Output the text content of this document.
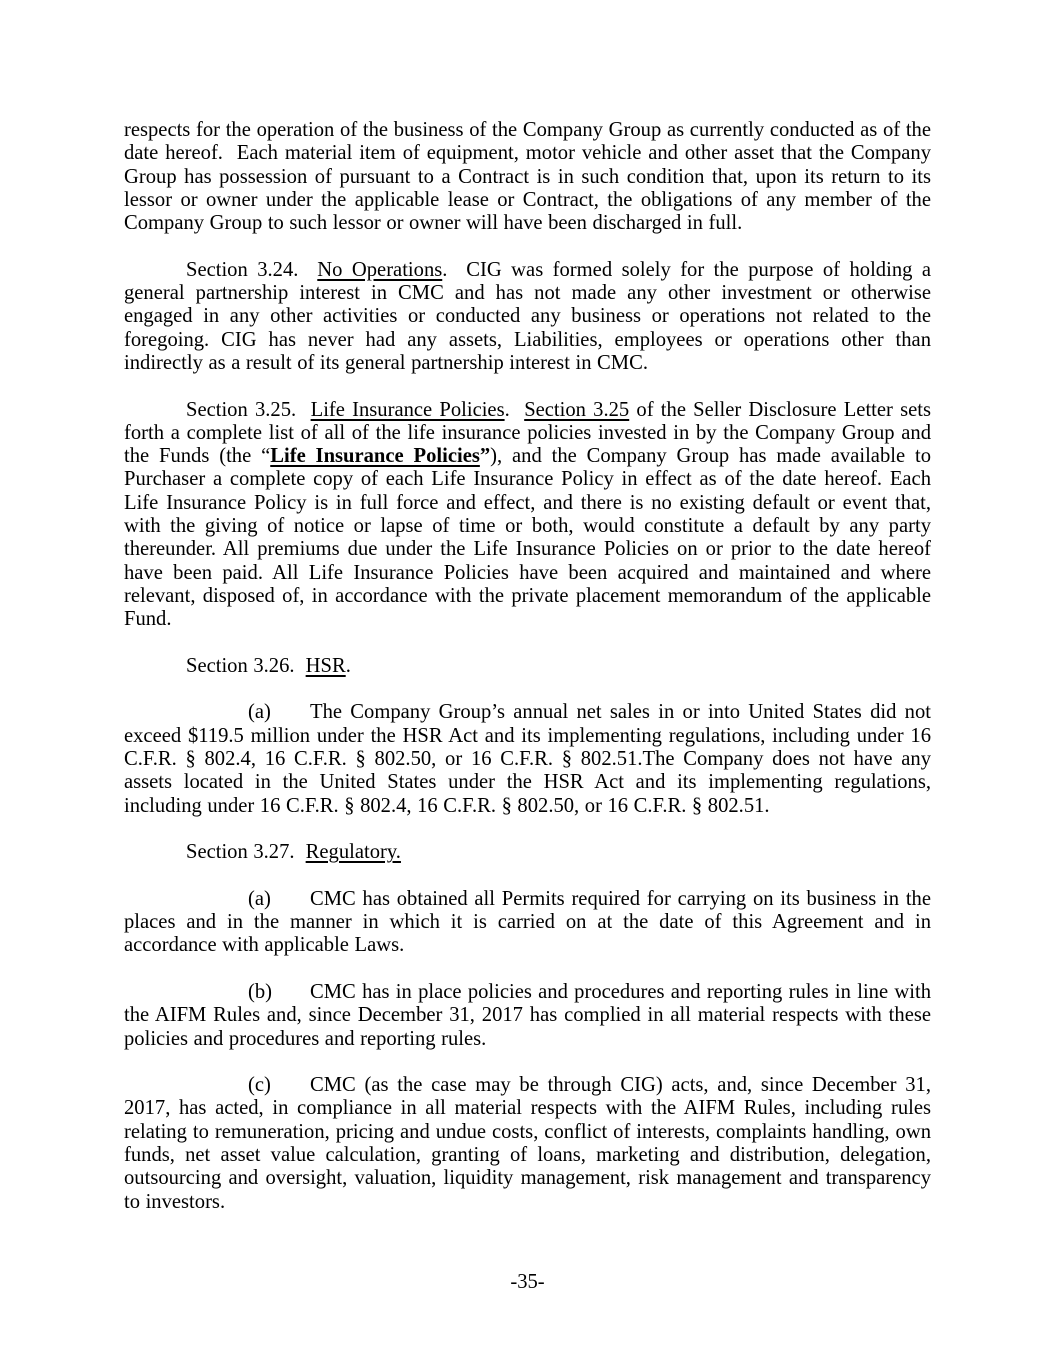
respects for the operation of the business of the Company Group as currently conducted as of the date hereof.  Each material item of equipment, motor vehicle and other asset that the Company Group has possession of pursuant to a Contract is in such condition that, upon its return to its lessor or owner under the applicable lease or Contract, the obligations of any member of the Company Group to such lessor or owner will have been discharged in full.

Section 3.24.  No Operations.  CIG was formed solely for the purpose of holding a general partnership interest in CMC and has not made any other investment or otherwise engaged in any other activities or conducted any business or operations not related to the foregoing. CIG has never had any assets, Liabilities, employees or operations other than indirectly as a result of its general partnership interest in CMC.

Section 3.25.  Life Insurance Policies.  Section 3.25 of the Seller Disclosure Letter sets forth a complete list of all of the life insurance policies invested in by the Company Group and the Funds (the “Life Insurance Policies”), and the Company Group has made available to Purchaser a complete copy of each Life Insurance Policy in effect as of the date hereof. Each Life Insurance Policy is in full force and effect, and there is no existing default or event that, with the giving of notice or lapse of time or both, would constitute a default by any party thereunder. All premiums due under the Life Insurance Policies on or prior to the date hereof have been paid. All Life Insurance Policies have been acquired and maintained and where relevant, disposed of, in accordance with the private placement memorandum of the applicable Fund.

Section 3.26.  HSR.

(a) The Company Group’s annual net sales in or into United States did not exceed $119.5 million under the HSR Act and its implementing regulations, including under 16 C.F.R. § 802.4, 16 C.F.R. § 802.50, or 16 C.F.R. § 802.51.The Company does not have any assets located in the United States under the HSR Act and its implementing regulations, including under 16 C.F.R. § 802.4, 16 C.F.R. § 802.50, or 16 C.F.R. § 802.51.

Section 3.27.  Regulatory.

(a) CMC has obtained all Permits required for carrying on its business in the places and in the manner in which it is carried on at the date of this Agreement and in accordance with applicable Laws.

(b) CMC has in place policies and procedures and reporting rules in line with the AIFM Rules and, since December 31, 2017 has complied in all material respects with these policies and procedures and reporting rules.

(c) CMC (as the case may be through CIG) acts, and, since December 31, 2017, has acted, in compliance in all material respects with the AIFM Rules, including rules relating to remuneration, pricing and undue costs, conflict of interests, complaints handling, own funds, net asset value calculation, granting of loans, marketing and distribution, delegation, outsourcing and oversight, valuation, liquidity management, risk management and transparency to investors.

-35-
